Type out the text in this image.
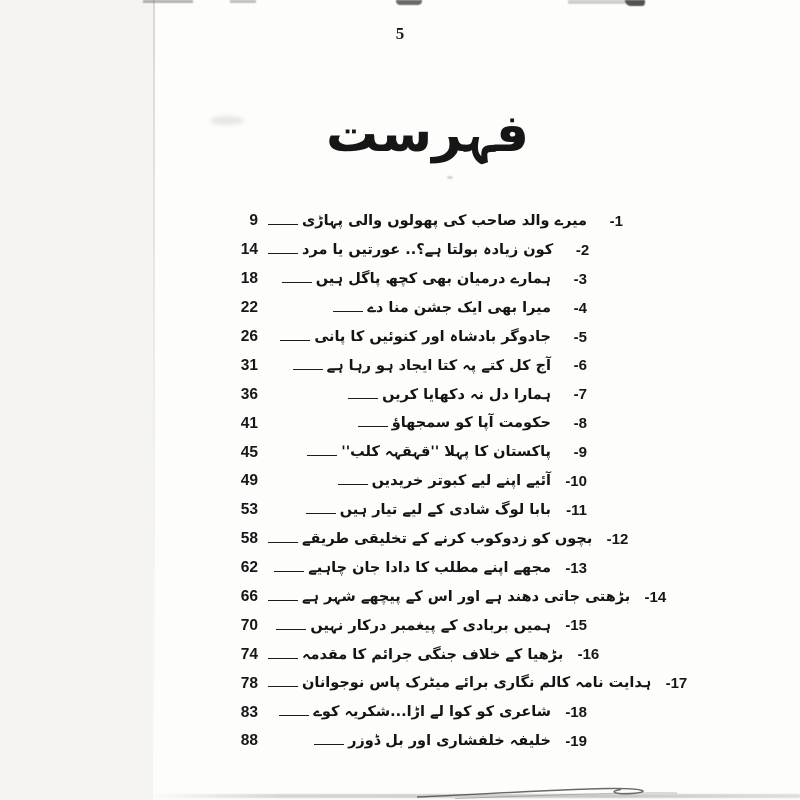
5
فہرست
9	میرے والد صاحب کی پھولوں والی پہاڑی	-1
14	کون زیادہ بولتا ہے؟.. عورتیں یا مرد	-2
18	ہمارے درمیان بھی کچھ پاگل ہیں	-3
22	میرا بھی ایک جشن منا دے	-4
26	جادوگر بادشاہ اور کنوئیں کا پانی	-5
31	آج کل کتے پہ کتا ایجاد ہو رہا ہے	-6
36	ہمارا دل نہ دکھایا کریں	-7
41	حکومت آپا کو سمجھاؤ	-8
45	پاکستان کا پہلا ''قہقہہ کلب''	-9
49	آئیے اپنے لیے کبوتر خریدیں -10
53	بابا لوگ شادی کے لیے تیار ہیں	-11
58	بچوں کو زدوکوب کرنے کے تخلیقی طریقے -12
62	مجھے اپنے مطلب کا دادا جان چاہیے -13
66	بڑھتی جاتی دھند ہے اور اس کے پیچھے شہر ہے -14
70	ہمیں بربادی کے پیغمبر درکار نہیں -15
74	بڑھیا کے خلاف جنگی جرائم کا مقدمہ -16
78	ہدایت نامہ کالم نگاری برائے میٹرک پاس نوجوانان -17
83	شاعری کو کوا لے اڑا...شکریہ کوے -18
88	خلیفہ خلفشاری اور بل ڈوزر -19
